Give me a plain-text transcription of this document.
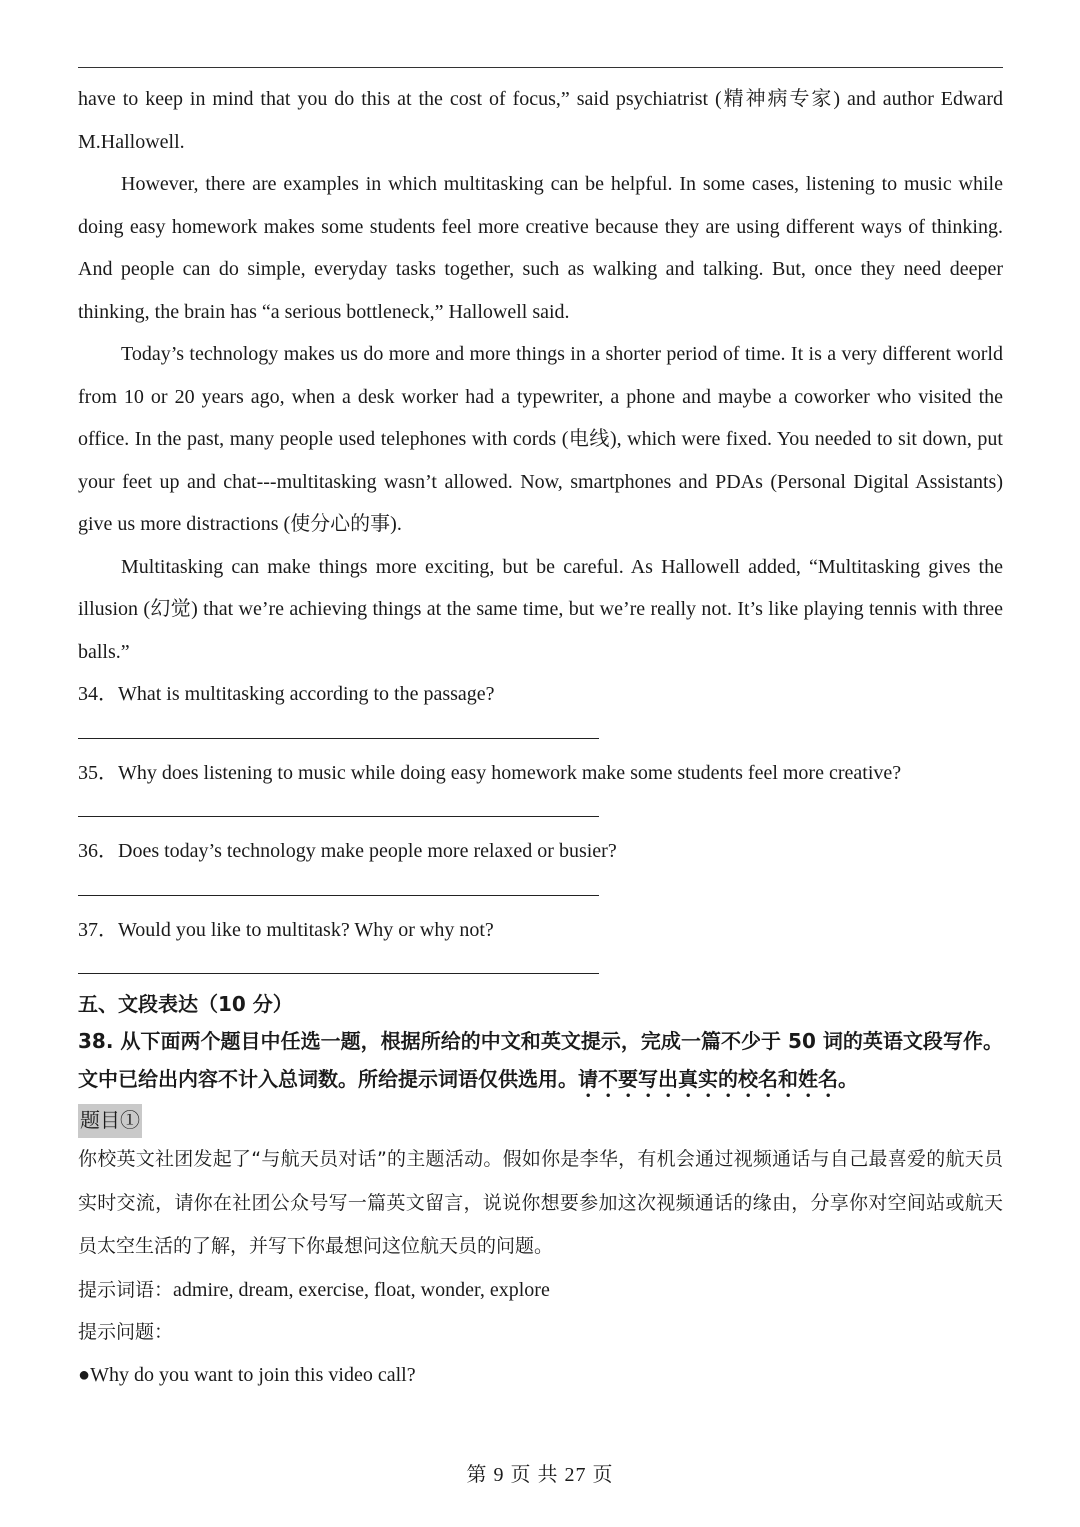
have to keep in mind that you do this at the cost of focus,” said psychiatrist (精神病专家) and author Edward M.Hallowell.

However, there are examples in which multitasking can be helpful. In some cases, listening to music while doing easy homework makes some students feel more creative because they are using different ways of thinking. And people can do simple, everyday tasks together, such as walking and talking. But, once they need deeper thinking, the brain has “a serious bottleneck,” Hallowell said.

Today’s technology makes us do more and more things in a shorter period of time. It is a very different world from 10 or 20 years ago, when a desk worker had a typewriter, a phone and maybe a coworker who visited the office. In the past, many people used telephones with cords (电线), which were fixed. You needed to sit down, put your feet up and chat---multitasking wasn’t allowed. Now, smartphones and PDAs (Personal Digital Assistants) give us more distractions (使分心的事).

Multitasking can make things more exciting, but be careful. As Hallowell added, “Multitasking gives the illusion (幻觉) that we’re achieving things at the same time, but we’re really not. It’s like playing tennis with three balls.”

34．What is multitasking according to the passage?

35．Why does listening to music while doing easy homework make some students feel more creative?

36．Does today’s technology make people more relaxed or busier?

37．Would you like to multitask? Why or why not?

五、文段表达（10 分）

38. 从下面两个题目中任选一题，根据所给的中文和英文提示，完成一篇不少于 50 词的英语文段写作。文中已给出内容不计入总词数。所给提示词语仅供选用。请不要写出真实的校名和姓名。

题目①

你校英文社团发起了“与航天员对话”的主题活动。假如你是李华，有机会通过视频通话与自己最喜爱的航天员实时交流，请你在社团公众号写一篇英文留言，说说你想要参加这次视频通话的缘由，分享你对空间站或航天员太空生活的了解，并写下你最想问这位航天员的问题。

提示词语：admire, dream, exercise, float, wonder, explore

提示问题：

●Why do you want to join this video call?

第 9 页 共 27 页
